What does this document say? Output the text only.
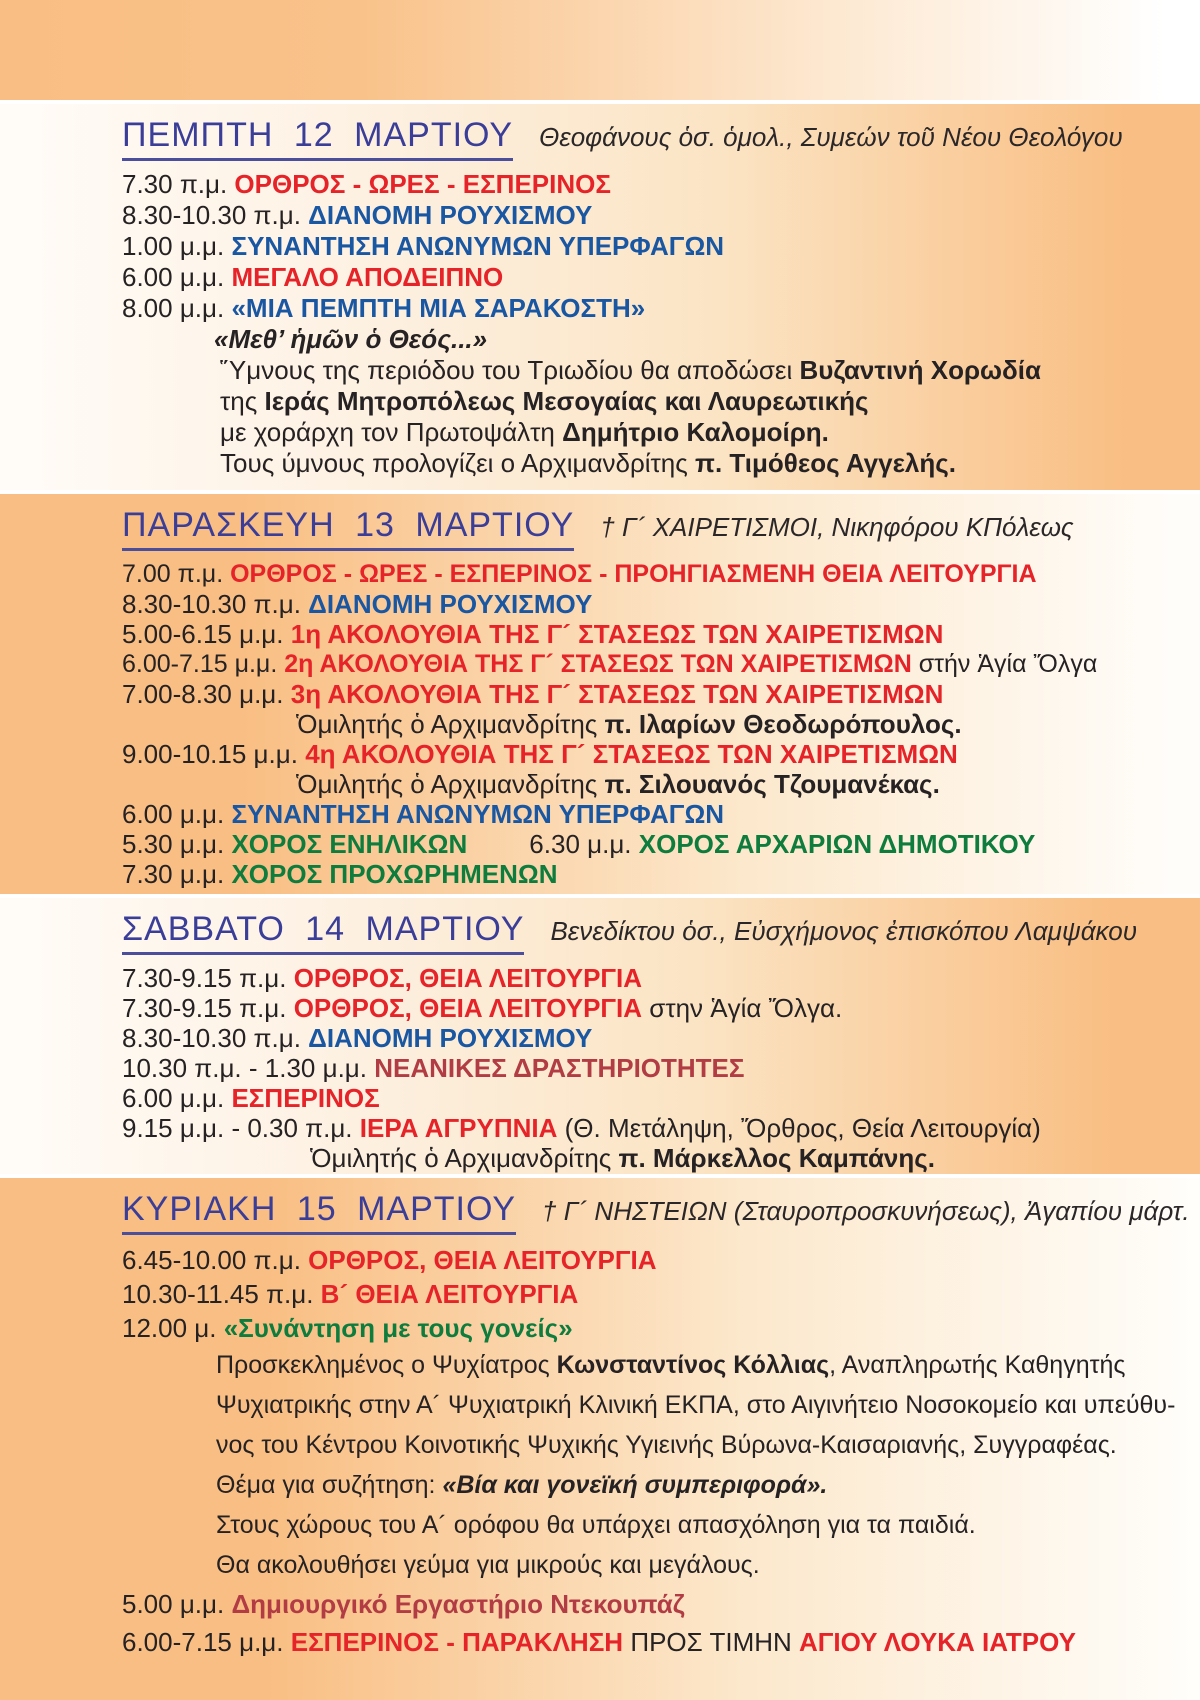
ΠΕΜΠΤΗ 12 ΜΑΡΤΙΟΥ Θεοφάνους ὁσ. ὁμολ., Συμεών τοῦ Νέου Θεολόγου
7.30 π.μ. ΟΡΘΡΟΣ - ΩΡΕΣ - ΕΣΠΕΡΙΝΟΣ
8.30-10.30 π.μ. ΔΙΑΝΟΜΗ ΡΟΥΧΙΣΜΟΥ
1.00 μ.μ. ΣΥΝΑΝΤΗΣΗ ΑΝΩΝΥΜΩΝ ΥΠΕΡΦΑΓΩΝ
6.00 μ.μ. ΜΕΓΑΛΟ ΑΠΟΔΕΙΠΝΟ
8.00 μ.μ. «ΜΙΑ ΠΕΜΠΤΗ ΜΙΑ ΣΑΡΑΚΟΣΤΗ»
«Μεθ’ ἡμῶν ὁ Θεός...»
Ὕμνους της περιόδου του Τριωδίου θα αποδώσει Βυζαντινή Χορωδία
της Ιεράς Μητροπόλεως Μεσογαίας και Λαυρεωτικής
με χοράρχη τον Πρωτοψάλτη Δημήτριο Καλομοίρη.
Τους ύμνους προλογίζει ο Αρχιμανδρίτης π. Τιμόθεος Αγγελής.
ΠΑΡΑΣΚΕΥΗ 13 ΜΑΡΤΙΟΥ † Γ´ ΧΑΙΡΕΤΙΣΜΟΙ, Νικηφόρου ΚΠόλεως
7.00 π.μ. ΟΡΘΡΟΣ - ΩΡΕΣ - ΕΣΠΕΡΙΝΟΣ - ΠΡΟΗΓΙΑΣΜΕΝΗ ΘΕΙΑ ΛΕΙΤΟΥΡΓΙΑ
8.30-10.30 π.μ. ΔΙΑΝΟΜΗ ΡΟΥΧΙΣΜΟΥ
5.00-6.15 μ.μ. 1η ΑΚΟΛΟΥΘΙΑ ΤΗΣ Γ´ ΣΤΑΣΕΩΣ ΤΩΝ ΧΑΙΡΕΤΙΣΜΩΝ
6.00-7.15 μ.μ. 2η ΑΚΟΛΟΥΘΙΑ ΤΗΣ Γ´ ΣΤΑΣΕΩΣ ΤΩΝ ΧΑΙΡΕΤΙΣΜΩΝ στήν Ἁγία Ὄλγα
7.00-8.30 μ.μ. 3η ΑΚΟΛΟΥΘΙΑ ΤΗΣ Γ´ ΣΤΑΣΕΩΣ ΤΩΝ ΧΑΙΡΕΤΙΣΜΩΝ
Ὁμιλητής ὁ Αρχιμανδρίτης π. Ιλαρίων Θεοδωρόπουλος.
9.00-10.15 μ.μ. 4η ΑΚΟΛΟΥΘΙΑ ΤΗΣ Γ´ ΣΤΑΣΕΩΣ ΤΩΝ ΧΑΙΡΕΤΙΣΜΩΝ
Ὁμιλητής ὁ Αρχιμανδρίτης π. Σιλουανός Τζουμανέκας.
6.00 μ.μ. ΣΥΝΑΝΤΗΣΗ ΑΝΩΝΥΜΩΝ ΥΠΕΡΦΑΓΩΝ
5.30 μ.μ. ΧΟΡΟΣ ΕΝΗΛΙΚΩΝ 6.30 μ.μ. ΧΟΡΟΣ ΑΡΧΑΡΙΩΝ ΔΗΜΟΤΙΚΟΥ
7.30 μ.μ. ΧΟΡΟΣ ΠΡΟΧΩΡΗΜΕΝΩΝ
ΣΑΒΒΑΤΟ 14 ΜΑΡΤΙΟΥ Βενεδίκτου ὁσ., Εὐσχήμονος ἐπισκόπου Λαμψάκου
7.30-9.15 π.μ. ΟΡΘΡΟΣ, ΘΕΙΑ ΛΕΙΤΟΥΡΓΙΑ
7.30-9.15 π.μ. ΟΡΘΡΟΣ, ΘΕΙΑ ΛΕΙΤΟΥΡΓΙΑ στην Ἁγία Ὄλγα.
8.30-10.30 π.μ. ΔΙΑΝΟΜΗ ΡΟΥΧΙΣΜΟΥ
10.30 π.μ. - 1.30 μ.μ. ΝΕΑΝΙΚΕΣ ΔΡΑΣΤΗΡΙΟΤΗΤΕΣ
6.00 μ.μ. ΕΣΠΕΡΙΝΟΣ
9.15 μ.μ. - 0.30 π.μ. ΙΕΡΑ ΑΓΡΥΠΝΙΑ (Θ. Μετάληψη, Ὄρθρος, Θεία Λειτουργία)
Ὁμιλητής ὁ Αρχιμανδρίτης π. Μάρκελλος Καμπάνης.
ΚΥΡΙΑΚΗ 15 ΜΑΡΤΙΟΥ † Γ´ ΝΗΣΤΕΙΩΝ (Σταυροπροσκυνήσεως), Ἀγαπίου μάρτ.
6.45-10.00 π.μ. ΟΡΘΡΟΣ, ΘΕΙΑ ΛΕΙΤΟΥΡΓΙΑ
10.30-11.45 π.μ. Β´ ΘΕΙΑ ΛΕΙΤΟΥΡΓΙΑ
12.00 μ. «Συνάντηση με τους γονείς»
Προσκεκλημένος ο Ψυχίατρος Κωνσταντίνος Κόλλιας, Αναπληρωτής Καθηγητής
Ψυχιατρικής στην Α´ Ψυχιατρική Κλινική ΕΚΠΑ, στο Αιγινήτειο Νοσοκομείο και υπεύθυ-
νος του Κέντρου Κοινοτικής Ψυχικής Υγιεινής Βύρωνα-Καισαριανής, Συγγραφέας.
Θέμα για συζήτηση: «Βία και γονεϊκή συμπεριφορά».
Στους χώρους του Α´ ορόφου θα υπάρχει απασχόληση για τα παιδιά.
Θα ακολουθήσει γεύμα για μικρούς και μεγάλους.
5.00 μ.μ. Δημιουργικό Εργαστήριο Ντεκουπάζ
6.00-7.15 μ.μ. ΕΣΠΕΡΙΝΟΣ - ΠΑΡΑΚΛΗΣΗ ΠΡΟΣ ΤΙΜΗΝ ΑΓΙΟΥ ΛΟΥΚΑ ΙΑΤΡΟΥ
